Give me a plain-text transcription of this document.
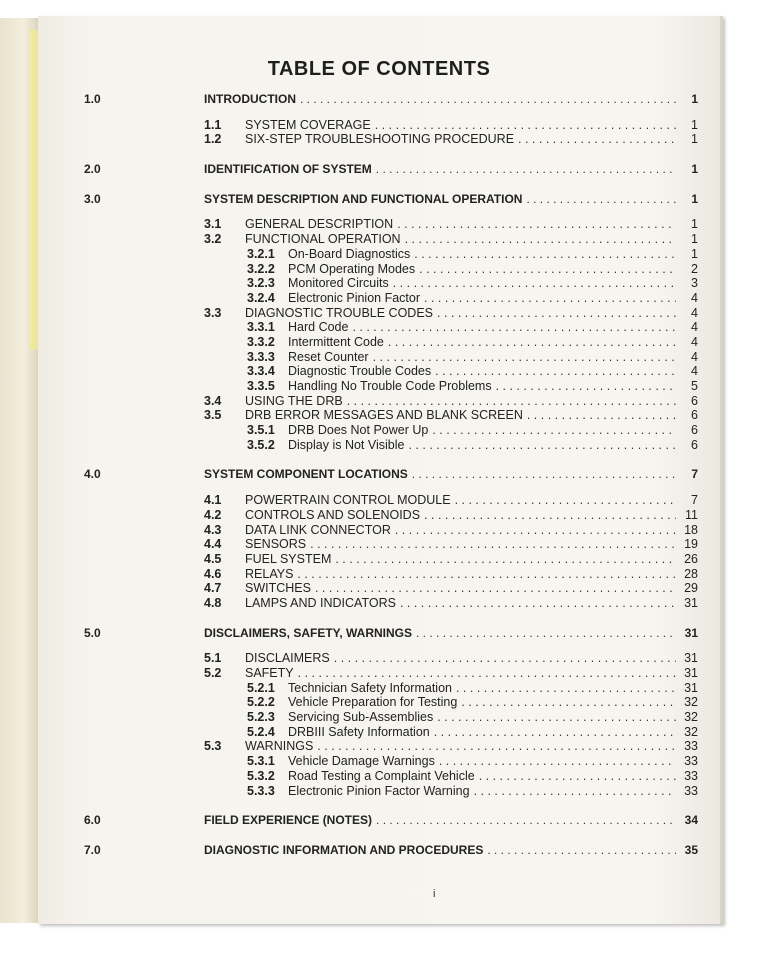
TABLE OF CONTENTS
1.0	INTRODUCTION . . .	1
1.1	SYSTEM COVERAGE . . .	1
1.2	SIX-STEP TROUBLESHOOTING PROCEDURE . . .	1
2.0	IDENTIFICATION OF SYSTEM . . .	1
3.0	SYSTEM DESCRIPTION AND FUNCTIONAL OPERATION . . .	1
3.1	GENERAL DESCRIPTION . . .	1
3.2	FUNCTIONAL OPERATION . . .	1
3.2.1	On-Board Diagnostics . . .	1
3.2.2	PCM Operating Modes . . .	2
3.2.3	Monitored Circuits . . .	3
3.2.4	Electronic Pinion Factor . . .	4
3.3	DIAGNOSTIC TROUBLE CODES . . .	4
3.3.1	Hard Code . . .	4
3.3.2	Intermittent Code . . .	4
3.3.3	Reset Counter . . .	4
3.3.4	Diagnostic Trouble Codes . . .	4
3.3.5	Handling No Trouble Code Problems . . .	5
3.4	USING THE DRB . . .	6
3.5	DRB ERROR MESSAGES AND BLANK SCREEN . . .	6
3.5.1	DRB Does Not Power Up . . .	6
3.5.2	Display is Not Visible . . .	6
4.0	SYSTEM COMPONENT LOCATIONS . . .	7
4.1	POWERTRAIN CONTROL MODULE . . .	7
4.2	CONTROLS AND SOLENOIDS . . .	11
4.3	DATA LINK CONNECTOR . . .	18
4.4	SENSORS . . .	19
4.5	FUEL SYSTEM . . .	26
4.6	RELAYS . . .	28
4.7	SWITCHES . . .	29
4.8	LAMPS AND INDICATORS . . .	31
5.0	DISCLAIMERS, SAFETY, WARNINGS . . .	31
5.1	DISCLAIMERS . . .	31
5.2	SAFETY . . .	31
5.2.1	Technician Safety Information . . .	31
5.2.2	Vehicle Preparation for Testing . . .	32
5.2.3	Servicing Sub-Assemblies . . .	32
5.2.4	DRBIII Safety Information . . .	32
5.3	WARNINGS . . .	33
5.3.1	Vehicle Damage Warnings . . .	33
5.3.2	Road Testing a Complaint Vehicle . . .	33
5.3.3	Electronic Pinion Factor Warning . . .	33
6.0	FIELD EXPERIENCE (NOTES) . . .	34
7.0	DIAGNOSTIC INFORMATION AND PROCEDURES . . .	35
i
